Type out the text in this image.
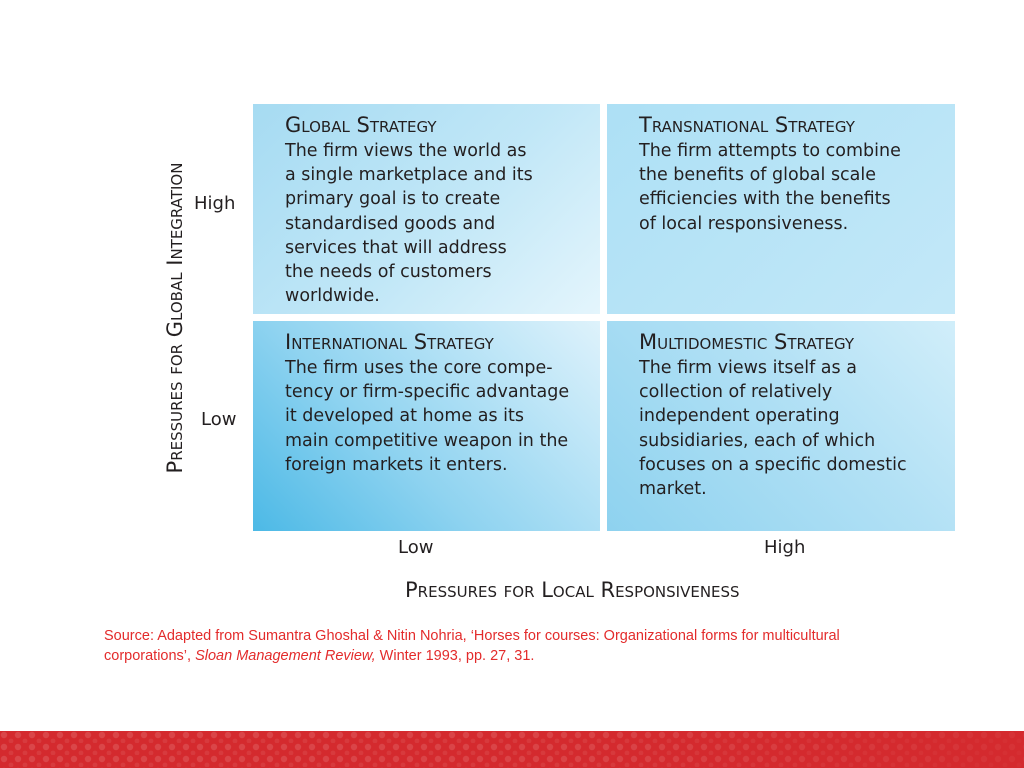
Global Strategy
The firm views the world as
a single marketplace and its
primary goal is to create
standardised goods and
services that will address
the needs of customers
worldwide.
Transnational Strategy
The firm attempts to combine
the benefits of global scale
efficiencies with the benefits
of local responsiveness.
International Strategy
The firm uses the core compe-
tency or firm-specific advantage
it developed at home as its
main competitive weapon in the
foreign markets it enters.
Multidomestic Strategy
The firm views itself as a
collection of relatively
independent operating
subsidiaries, each of which
focuses on a specific domestic
market.
Pressures for Global Integration High
Low
Low	High
Pressures for Local Responsiveness
Source: Adapted from Sumantra Ghoshal & Nitin Nohria, ‘Horses for courses: Organizational forms for multicultural corporations’, Sloan Management Review, Winter 1993, pp. 27, 31.
